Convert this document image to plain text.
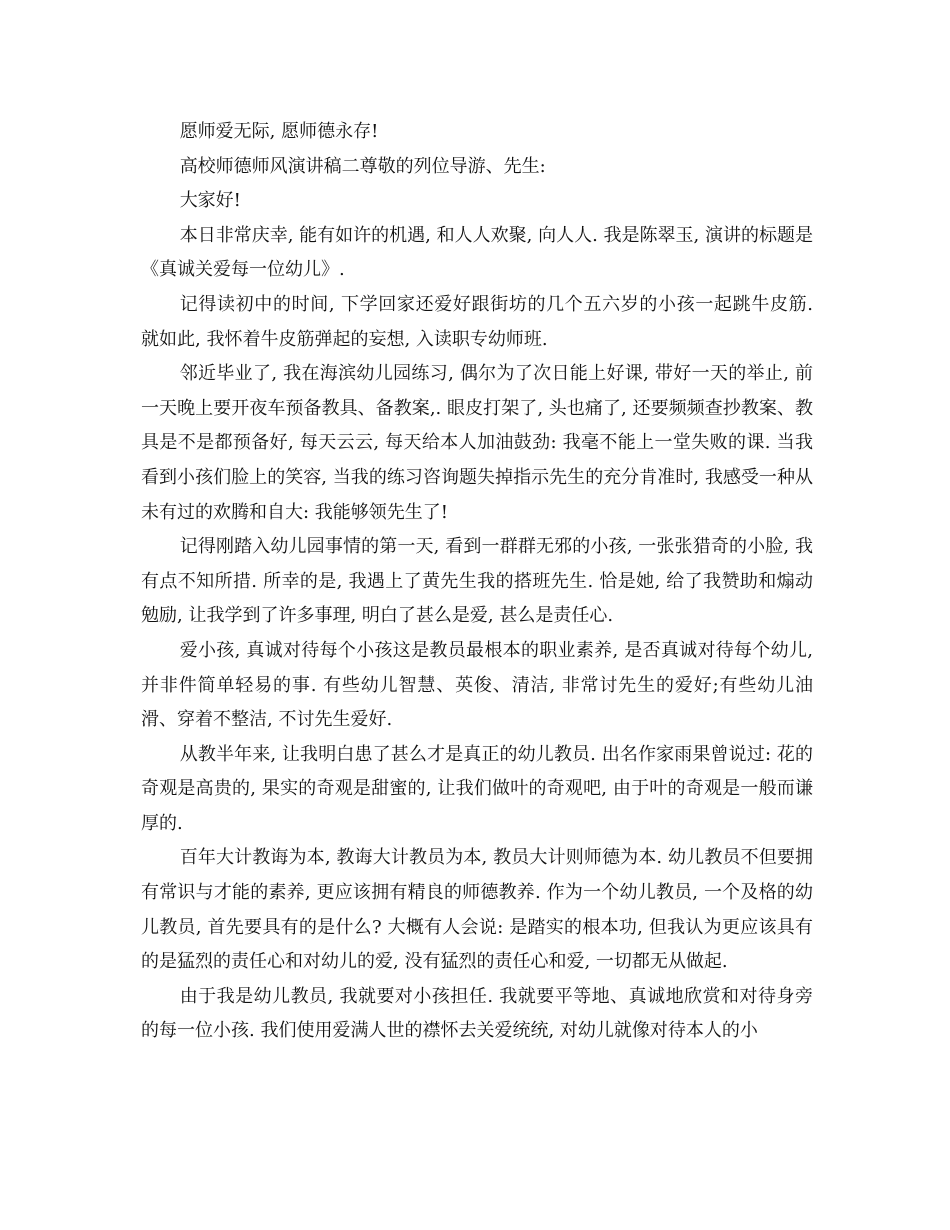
愿师爱无际, 愿师德永存!

高校师德师风演讲稿二尊敬的列位导游、先生:

大家好!

本日非常庆幸, 能有如许的机遇, 和人人欢聚, 向人人. 我是陈翠玉, 演讲的标题是《真诚关爱每一位幼儿》.

记得读初中的时间, 下学回家还爱好跟街坊的几个五六岁的小孩一起跳牛皮筋. 就如此, 我怀着牛皮筋弹起的妄想, 入读职专幼师班.

邻近毕业了, 我在海滨幼儿园练习, 偶尔为了次日能上好课, 带好一天的举止, 前一天晚上要开夜车预备教具、备教案,. 眼皮打架了, 头也痛了, 还要频频查抄教案、教具是不是都预备好, 每天云云, 每天给本人加油鼓劲: 我毫不能上一堂失败的课. 当我看到小孩们脸上的笑容, 当我的练习咨询题失掉指示先生的充分肯准时, 我感受一种从未有过的欢腾和自大: 我能够领先生了!

记得刚踏入幼儿园事情的第一天, 看到一群群无邪的小孩, 一张张猎奇的小脸, 我有点不知所措. 所幸的是, 我遇上了黄先生我的搭班先生. 恰是她, 给了我赞助和煽动勉励, 让我学到了许多事理, 明白了甚么是爱, 甚么是责任心.

爱小孩, 真诚对待每个小孩这是教员最根本的职业素养, 是否真诚对待每个幼儿, 并非件简单轻易的事. 有些幼儿智慧、英俊、清洁, 非常讨先生的爱好;有些幼儿油滑、穿着不整洁, 不讨先生爱好.

从教半年来, 让我明白患了甚么才是真正的幼儿教员. 出名作家雨果曾说过: 花的奇观是高贵的, 果实的奇观是甜蜜的, 让我们做叶的奇观吧, 由于叶的奇观是一般而谦厚的.

百年大计教诲为本, 教诲大计教员为本, 教员大计则师德为本. 幼儿教员不但要拥有常识与才能的素养, 更应该拥有精良的师德教养. 作为一个幼儿教员, 一个及格的幼儿教员, 首先要具有的是什么? 大概有人会说: 是踏实的根本功, 但我认为更应该具有的是猛烈的责任心和对幼儿的爱, 没有猛烈的责任心和爱, 一切都无从做起.

由于我是幼儿教员, 我就要对小孩担任. 我就要平等地、真诚地欣赏和对待身旁的每一位小孩. 我们使用爱满人世的襟怀去关爱统统, 对幼儿就像对待本人的小
